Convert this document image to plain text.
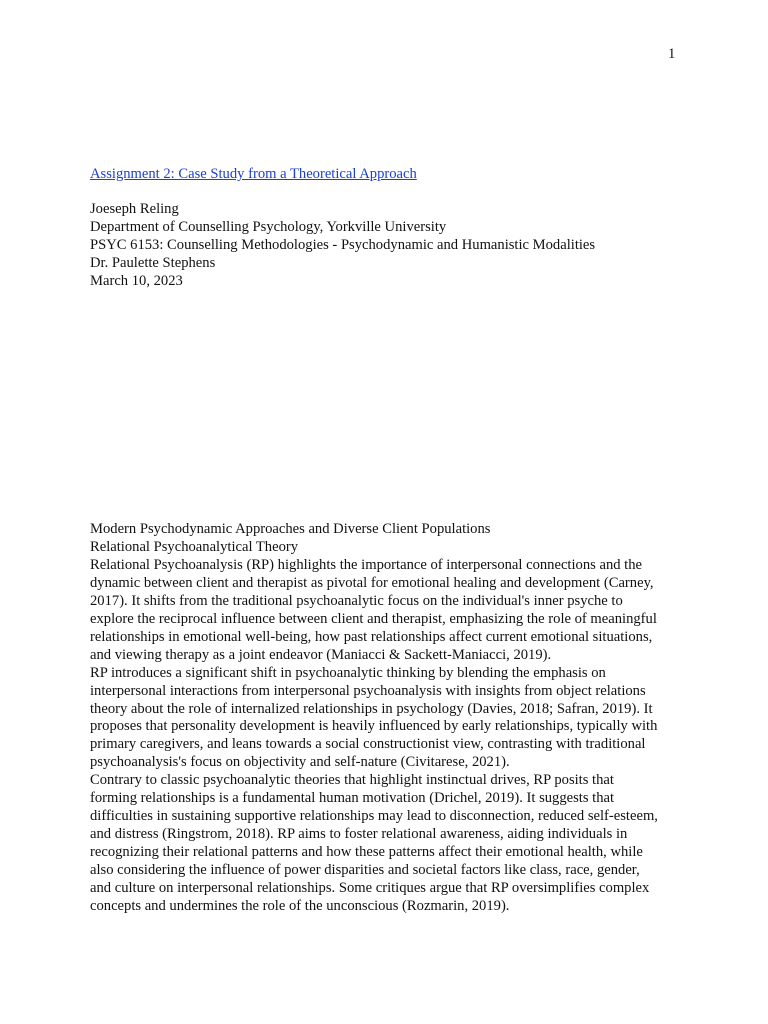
1
Assignment 2: Case Study from a Theoretical Approach
Joeseph Reling
Department of Counselling Psychology, Yorkville University
PSYC 6153: Counselling Methodologies - Psychodynamic and Humanistic Modalities
Dr. Paulette Stephens
March 10, 2023
Modern Psychodynamic Approaches and Diverse Client Populations
Relational Psychoanalytical Theory
Relational Psychoanalysis (RP) highlights the importance of interpersonal connections and the
dynamic between client and therapist as pivotal for emotional healing and development (Carney,
2017). It shifts from the traditional psychoanalytic focus on the individual's inner psyche to
explore the reciprocal influence between client and therapist, emphasizing the role of meaningful
relationships in emotional well-being, how past relationships affect current emotional situations,
and viewing therapy as a joint endeavor (Maniacci & Sackett-Maniacci, 2019).
RP introduces a significant shift in psychoanalytic thinking by blending the emphasis on
interpersonal interactions from interpersonal psychoanalysis with insights from object relations
theory about the role of internalized relationships in psychology (Davies, 2018; Safran, 2019). It
proposes that personality development is heavily influenced by early relationships, typically with
primary caregivers, and leans towards a social constructionist view, contrasting with traditional
psychoanalysis's focus on objectivity and self-nature (Civitarese, 2021).
Contrary to classic psychoanalytic theories that highlight instinctual drives, RP posits that
forming relationships is a fundamental human motivation (Drichel, 2019). It suggests that
difficulties in sustaining supportive relationships may lead to disconnection, reduced self-esteem,
and distress (Ringstrom, 2018). RP aims to foster relational awareness, aiding individuals in
recognizing their relational patterns and how these patterns affect their emotional health, while
also considering the influence of power disparities and societal factors like class, race, gender,
and culture on interpersonal relationships. Some critiques argue that RP oversimplifies complex
concepts and undermines the role of the unconscious (Rozmarin, 2019).
